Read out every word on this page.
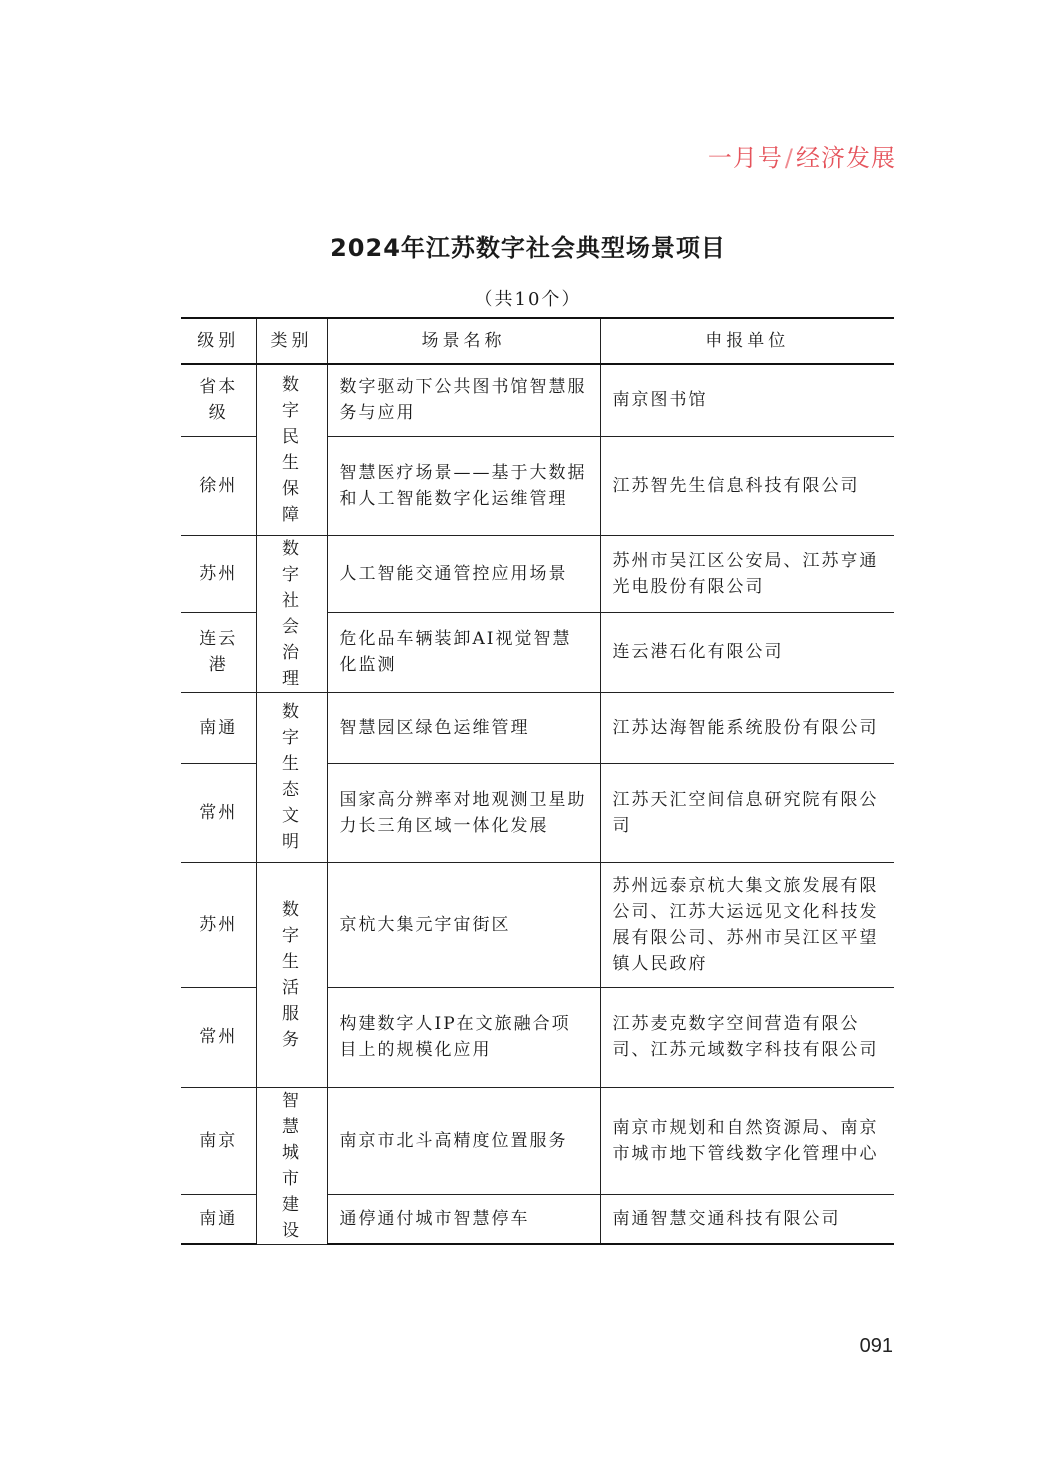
一月号/经济发展
2024年江苏数字社会典型场景项目
（共10个）
级别	类别	场景名称	申报单位
省本级	数字民生保障	数字驱动下公共图书馆智慧服务与应用	南京图书馆
徐州		智慧医疗场景——基于大数据和人工智能数字化运维管理	江苏智先生信息科技有限公司
苏州	数字社会治理	人工智能交通管控应用场景	苏州市吴江区公安局、江苏亨通光电股份有限公司
连云港		危化品车辆装卸AI视觉智慧化监测	连云港石化有限公司
南通	数字生态文明	智慧园区绿色运维管理	江苏达海智能系统股份有限公司
常州		国家高分辨率对地观测卫星助力长三角区域一体化发展	江苏天汇空间信息研究院有限公司
苏州	数字生活服务	京杭大集元宇宙街区	苏州远泰京杭大集文旅发展有限公司、江苏大运远见文化科技发展有限公司、苏州市吴江区平望镇人民政府
常州		构建数字人IP在文旅融合项目上的规模化应用	江苏麦克数字空间营造有限公司、江苏元域数字科技有限公司
南京	智慧城市建设	南京市北斗高精度位置服务	南京市规划和自然资源局、南京市城市地下管线数字化管理中心
南通		通停通付城市智慧停车	南通智慧交通科技有限公司
091
